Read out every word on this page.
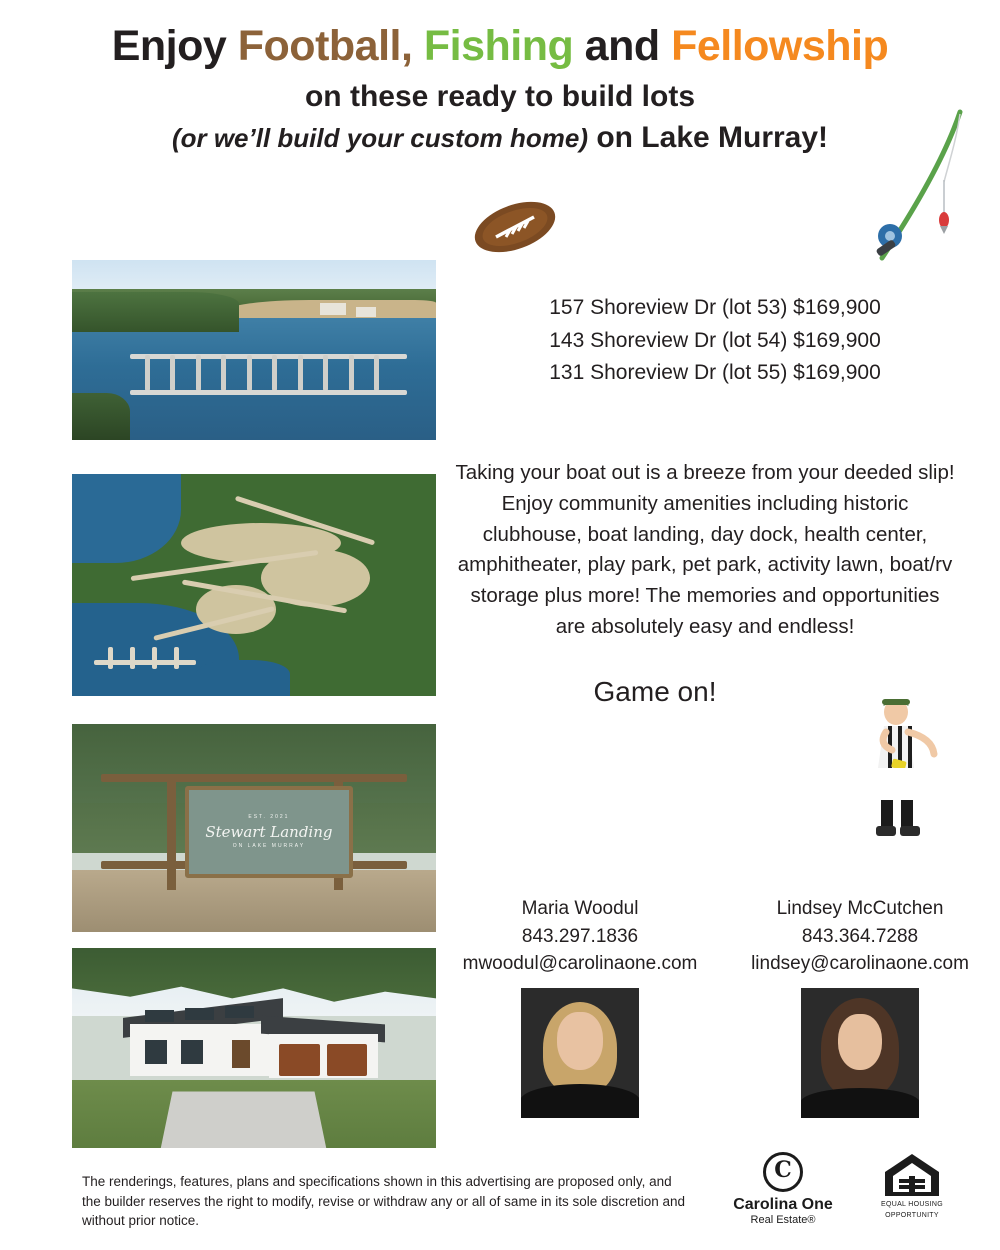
Enjoy Football, Fishing and Fellowship
on these ready to build lots
(or we’ll build your custom home) on Lake Murray!
EST. 2021
Stewart Landing
ON LAKE MURRAY
157 Shoreview Dr (lot 53) $169,900
143 Shoreview Dr (lot 54) $169,900
131 Shoreview Dr (lot 55) $169,900
Taking your boat out is a breeze from your deeded slip! Enjoy community amenities including historic clubhouse, boat landing, day dock, health center, amphitheater, play park, pet park, activity lawn, boat/rv storage plus more! The memories and opportunities are absolutely easy and endless!
Game on!
Maria Woodul
843.297.1836
mwoodul@carolinaone.com
Lindsey McCutchen
843.364.7288
lindsey@carolinaone.com
The renderings, features, plans and specifications shown in this advertising are proposed only, and the builder reserves the right to modify, revise or withdraw any or all of same in its sole discretion and without prior notice.
C
Carolina One
Real Estate®
EQUAL HOUSING
OPPORTUNITY
